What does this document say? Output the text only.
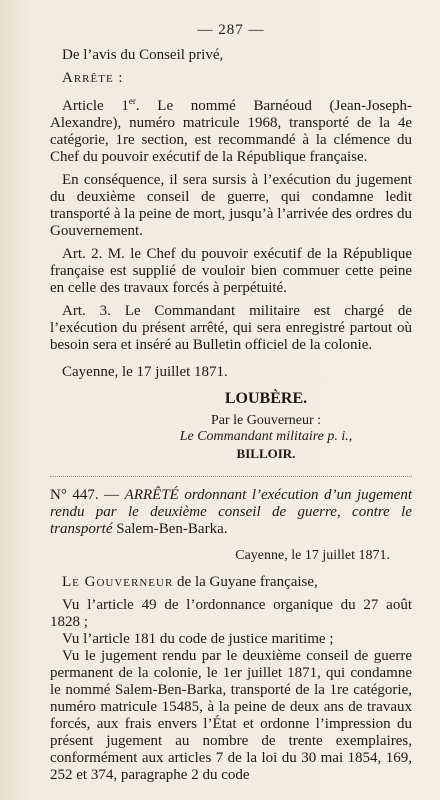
— 287 —

De l’avis du Conseil privé,

Arrête :

Article 1er. Le nommé Barnéoud (Jean-Joseph-Alexandre), numéro matricule 1968, transporté de la 4e catégorie, 1re section, est recommandé à la clémence du Chef du pouvoir exécutif de la République française.

En conséquence, il sera sursis à l’exécution du jugement du deuxième conseil de guerre, qui condamne ledit transporté à la peine de mort, jusqu’à l’arrivée des ordres du Gouvernement.

Art. 2. M. le Chef du pouvoir exécutif de la République française est supplié de vouloir bien commuer cette peine en celle des travaux forcés à perpétuité.

Art. 3. Le Commandant militaire est chargé de l’exécution du présent arrêté, qui sera enregistré partout où besoin sera et inséré au Bulletin officiel de la colonie.

Cayenne, le 17 juillet 1871.

LOUBÈRE.
Par le Gouverneur :
Le Commandant militaire p. i.,
BILLOIR.

N° 447. — ARRÊTÉ ordonnant l’exécution d’un jugement rendu par le deuxième conseil de guerre, contre le transporté Salem-Ben-Barka.

Cayenne, le 17 juillet 1871.

Le Gouverneur de la Guyane française,

Vu l’article 49 de l’ordonnance organique du 27 août 1828 ;

Vu l’article 181 du code de justice maritime ;

Vu le jugement rendu par le deuxième conseil de guerre permanent de la colonie, le 1er juillet 1871, qui condamne le nommé Salem-Ben-Barka, transporté de la 1re catégorie, numéro matricule 15485, à la peine de deux ans de travaux forcés, aux frais envers l’État et ordonne l’impression du présent jugement au nombre de trente exemplaires, conformément aux articles 7 de la loi du 30 mai 1854, 169, 252 et 374, paragraphe 2 du code
